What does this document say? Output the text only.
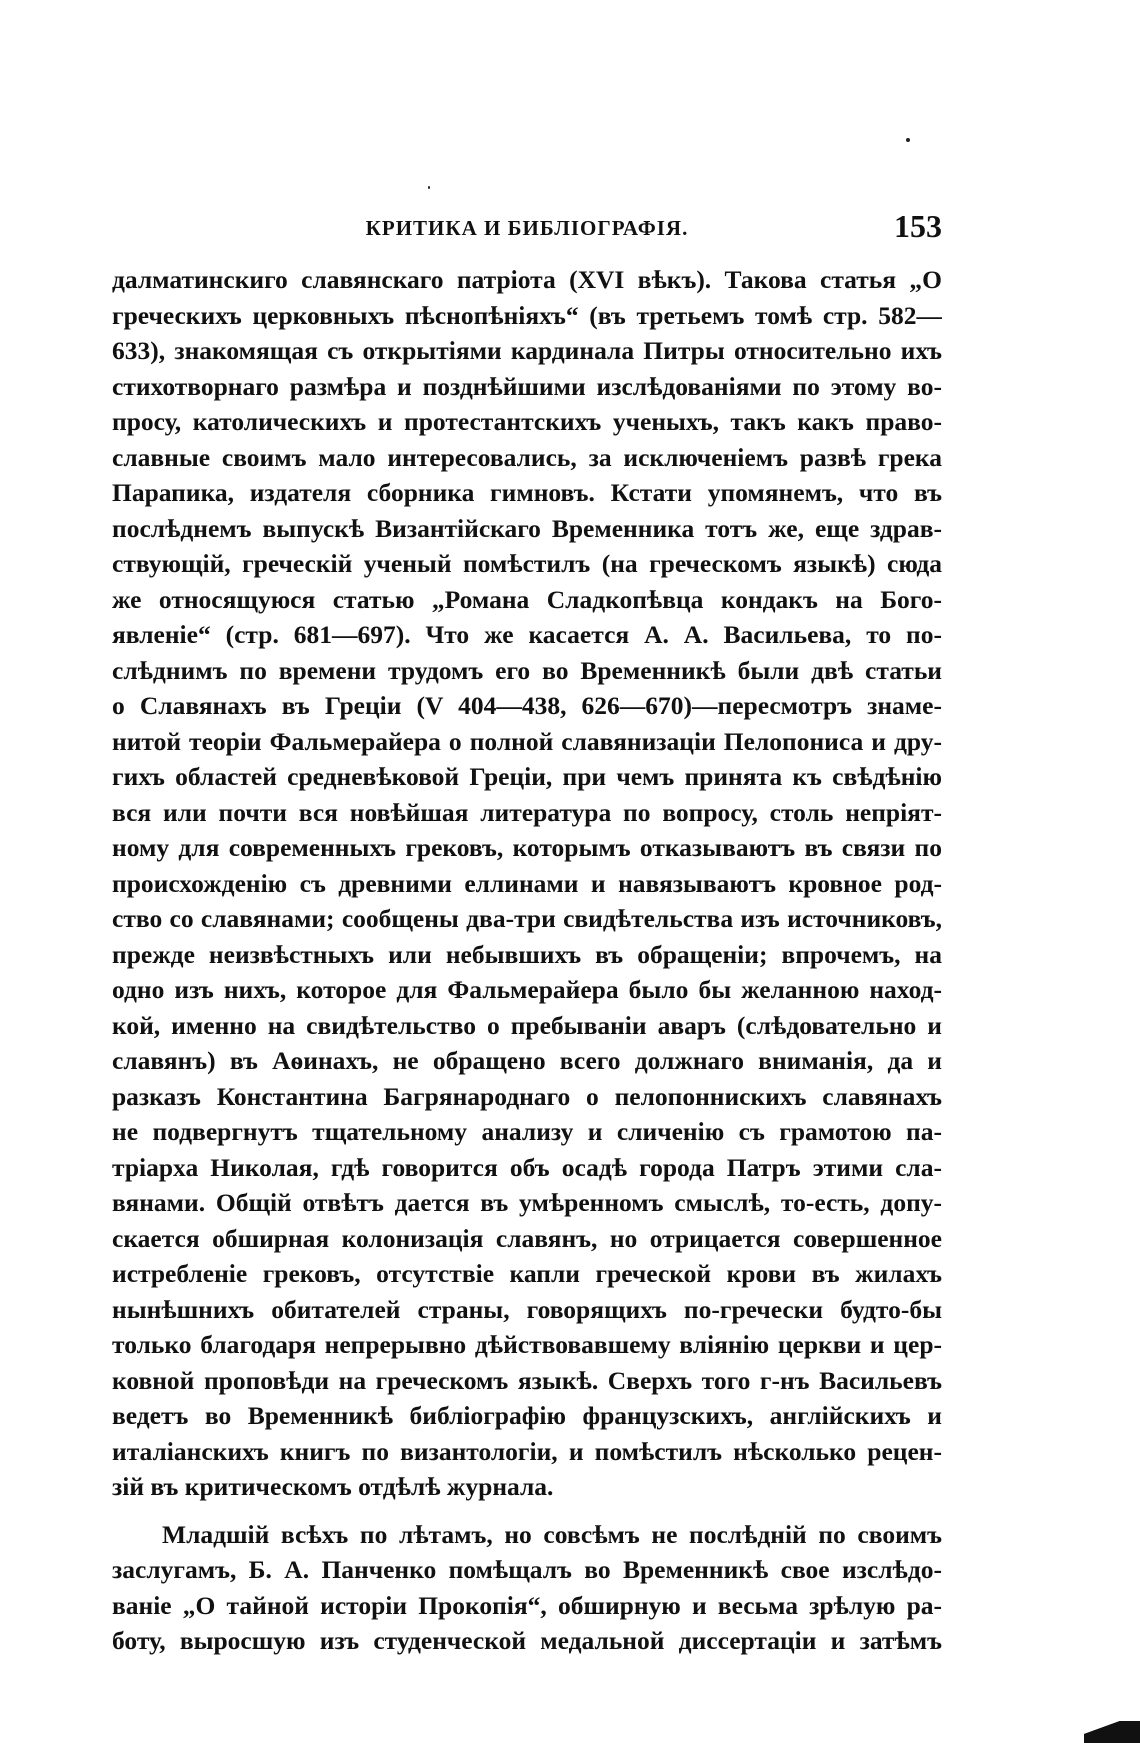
КРИТИКА И БИБЛІОГРАФІЯ.	153
далматинскиго славянскаго патріота (XVI вѣкъ). Такова статья „О
греческихъ церковныхъ пѣснопѣніяхъ“ (въ третьемъ томѣ стр. 582—
633), знакомящая съ открытіями кардинала Питры относительно ихъ
стихотворнаго размѣра и позднѣйшими изслѣдованіями по этому во-
просу, католическихъ и протестантскихъ ученыхъ, такъ какъ право-
славные своимъ мало интересовались, за исключеніемъ развѣ грека
Парапика, издателя сборника гимновъ. Кстати упомянемъ, что въ
послѣднемъ выпускѣ Византійскаго Временника тотъ же, еще здрав-
ствующій, греческій ученый помѣстилъ (на греческомъ языкѣ) сюда
же относящуюся статью „Романа Сладкопѣвца кондакъ на Бого-
явленіе“ (стр. 681—697). Что же касается А. А. Васильева, то по-
слѣднимъ по времени трудомъ его во Временникѣ были двѣ статьи
о Славянахъ въ Греціи (V 404—438, 626—670)—пересмотръ знаме-
нитой теоріи Фальмерайера о полной славянизаціи Пелопониса и дру-
гихъ областей средневѣковой Греціи, при чемъ принята къ свѣдѣнію
вся или почти вся новѣйшая литература по вопросу, столь непріят-
ному для современныхъ грековъ, которымъ отказываютъ въ связи по
происхожденію съ древними еллинами и навязываютъ кровное род-
ство со славянами; сообщены два-три свидѣтельства изъ источниковъ,
прежде неизвѣстныхъ или небывшихъ въ обращеніи; впрочемъ, на
одно изъ нихъ, которое для Фальмерайера было бы желанною наход-
кой, именно на свидѣтельство о пребываніи аваръ (слѣдовательно и
славянъ) въ Аѳинахъ, не обращено всего должнаго вниманія, да и
разказъ Константина Багрянароднаго о пелопоннискихъ славянахъ
не подвергнутъ тщательному анализу и сличенію съ грамотою па-
тріарха Николая, гдѣ говорится объ осадѣ города Патръ этими сла-
вянами. Общій отвѣтъ дается въ умѣренномъ смыслѣ, то-есть, допу-
скается обширная колонизація славянъ, но отрицается совершенное
истребленіе грековъ, отсутствіе капли греческой крови въ жилахъ
нынѣшнихъ обитателей страны, говорящихъ по-гречески будто-бы
только благодаря непрерывно дѣйствовавшему вліянію церкви и цер-
ковной проповѣди на греческомъ языкѣ. Сверхъ того г-нъ Васильевъ
ведетъ во Временникѣ библіографію французскихъ, англійскихъ и
италіанскихъ книгъ по византологіи, и помѣстилъ нѣсколько рецен-
зій въ критическомъ отдѣлѣ журнала.
Младшій всѣхъ по лѣтамъ, но совсѣмъ не послѣдній по своимъ
заслугамъ, Б. А. Панченко помѣщалъ во Временникѣ свое изслѣдо-
ваніе „О тайной исторіи Прокопія“, обширную и весьма зрѣлую ра-
боту, выросшую изъ студенческой медальной диссертаціи и затѣмъ
